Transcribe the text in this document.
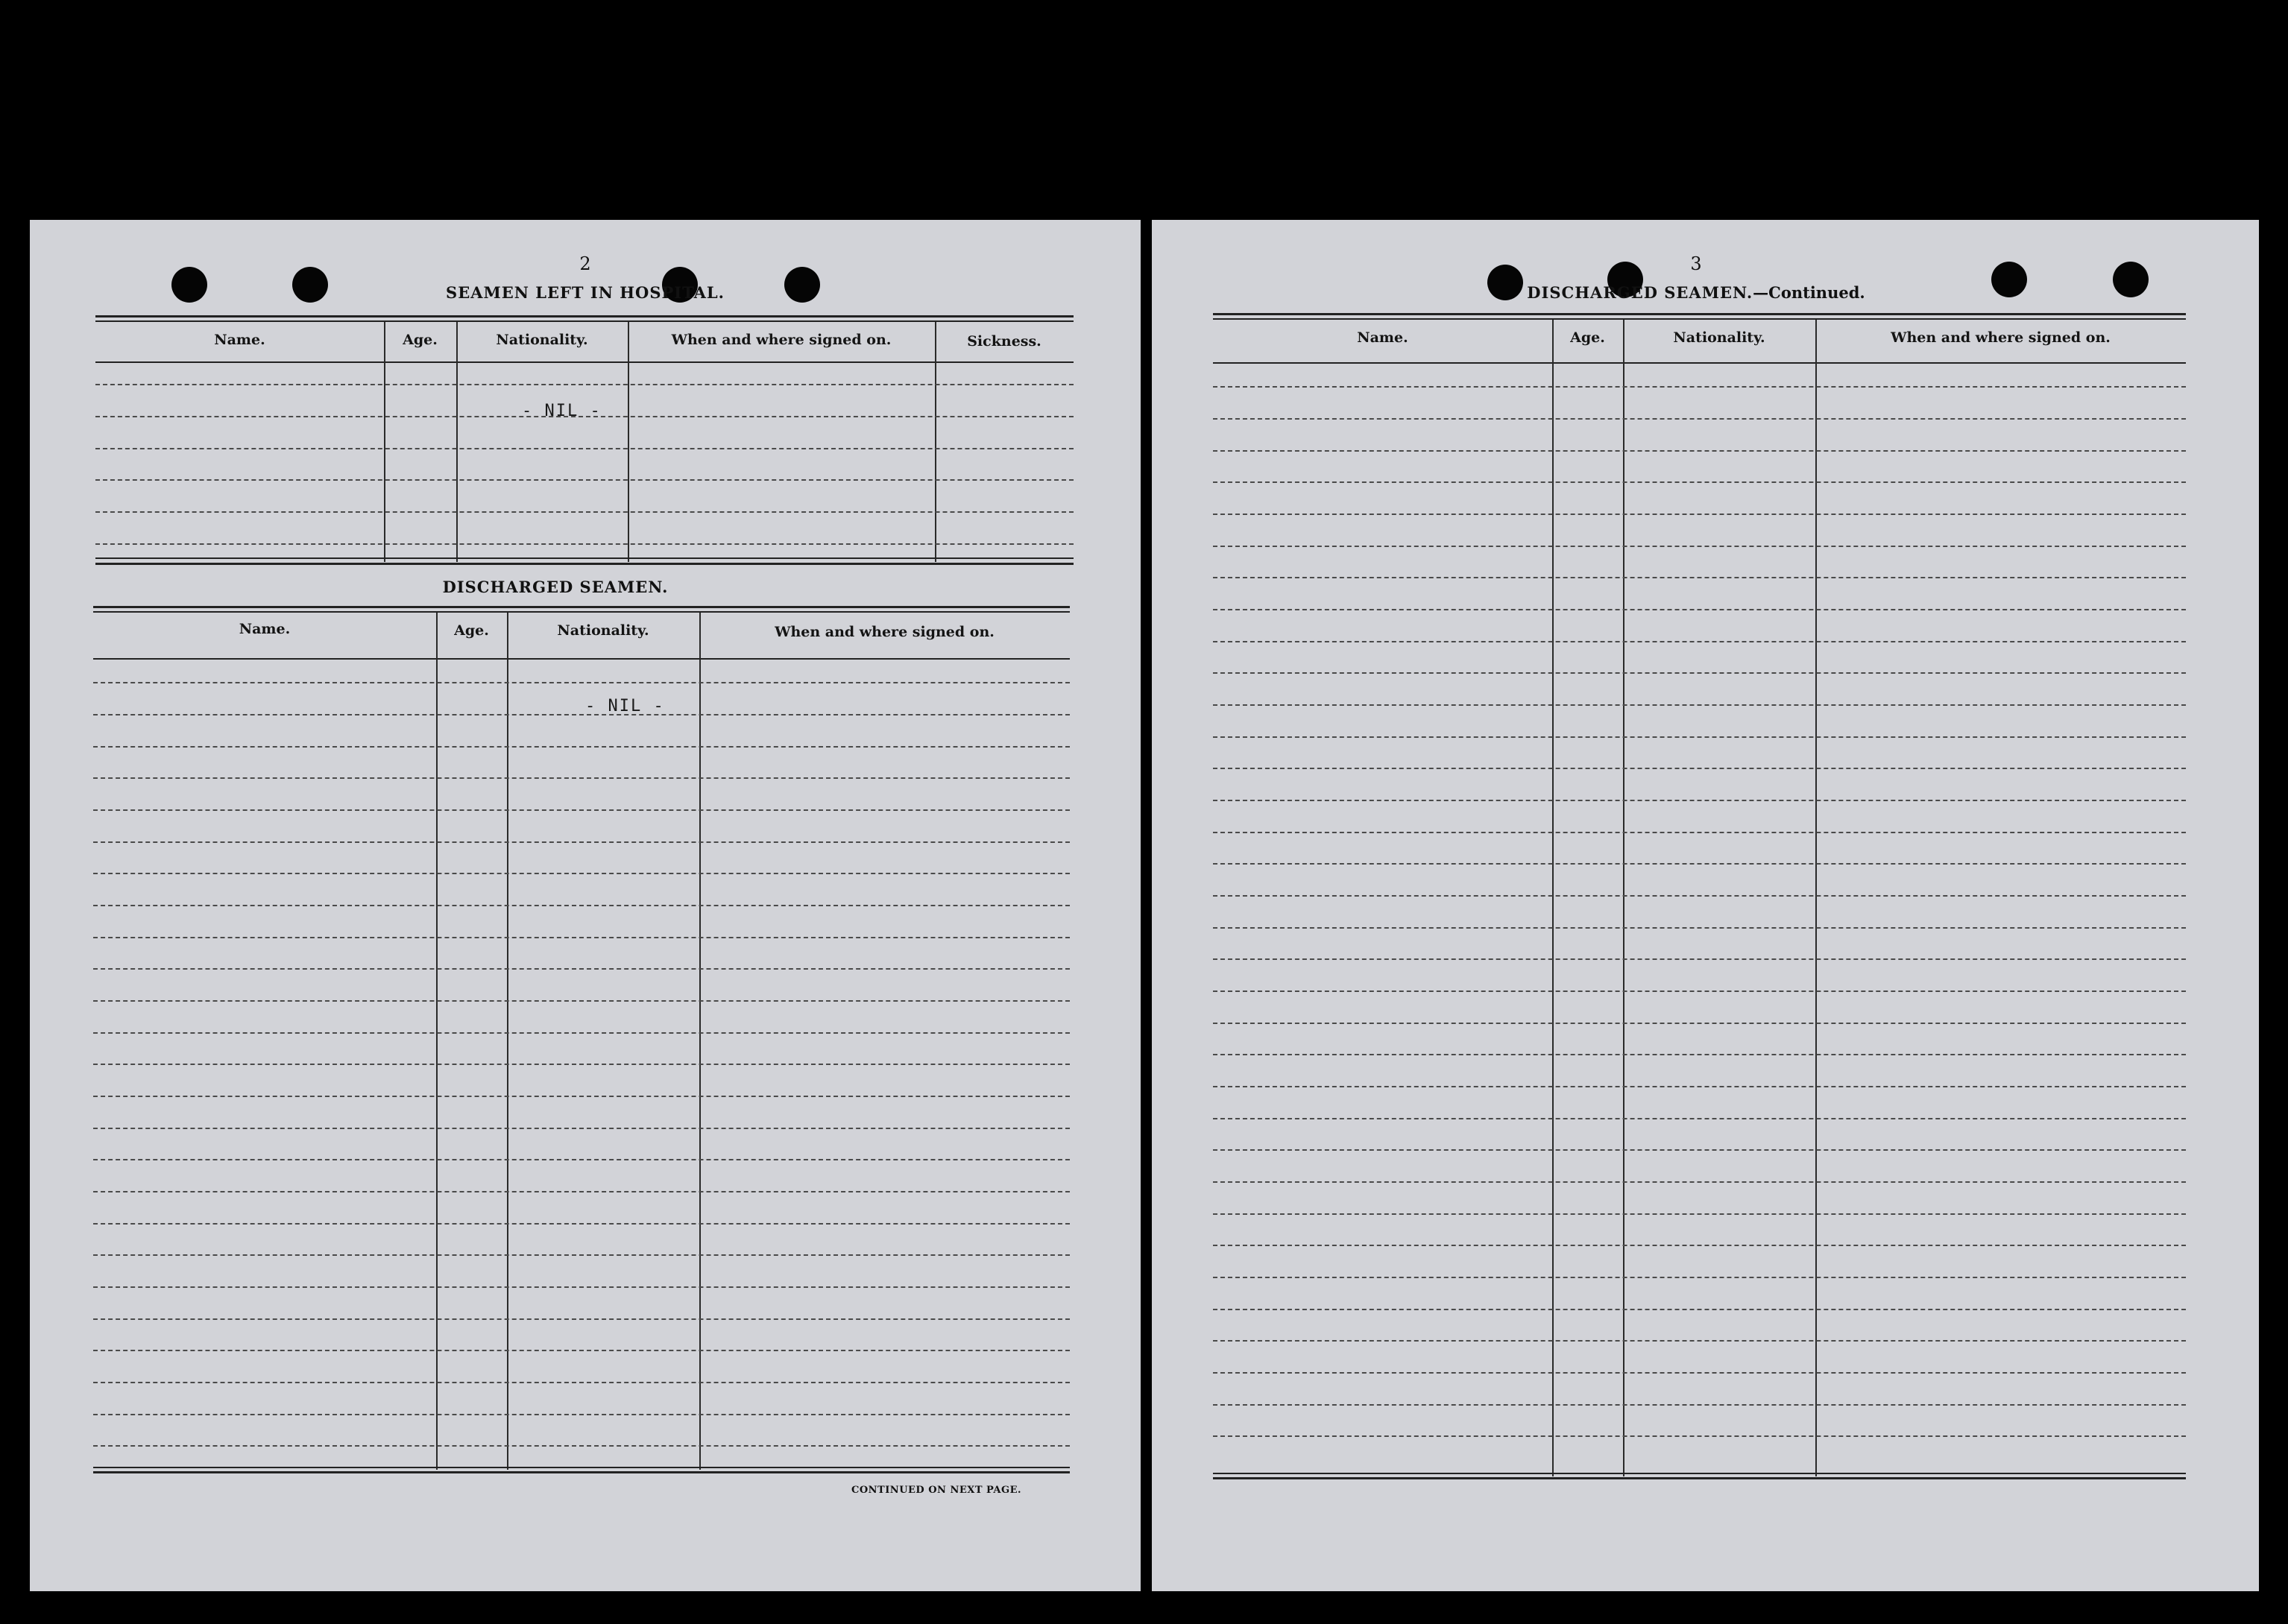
2
SEAMEN LEFT IN HOSPITAL.
Name.	Age.	Nationality.	When and where signed on.	Sickness.
- NIL -
DISCHARGED SEAMEN.
Name.	Age.	Nationality.	When and where signed on.
- NIL -
CONTINUED ON NEXT PAGE.
3
DISCHARGED SEAMEN.—Continued.
Name.	Age.	Nationality.	When and where signed on.
